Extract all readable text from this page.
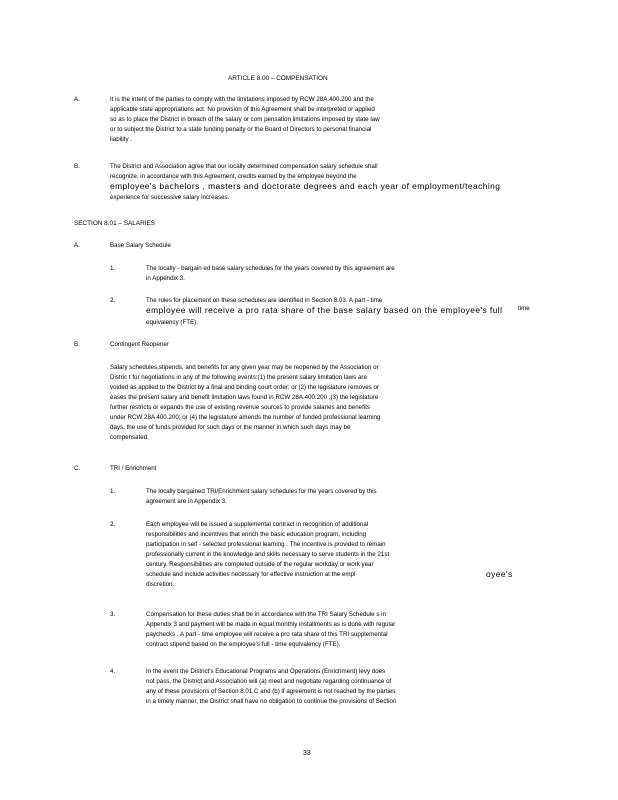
ARTICLE 8.00 – COMPENSATION
A.	It is the intent of the parties to comply with the limitations imposed by RCW 28A.400.200 and the
applicable state appropriations act. No provision of this Agreement shall be interpreted or applied
so as to place the District in breach of the salary or com pensation limitations imposed by state law
or to subject the District to a state funding penalty or the Board of Directors to personal financial
liability .
B.	The District and Association agree that our locally determined compensation salary schedule shall
recognize, in accordance with this Agreement, credits earned by the employee beyond the
employee's bachelors , masters and doctorate degrees and each year of employment/teaching
experience for successive salary increases.
SECTION 8.01 – SALARIES
A.	Base Salary Schedule
1.	The locally - bargain ed base salary schedules for the years covered by this agreement are
in Appendix 3.
2.	The rules for placement on these schedules are identified in Section 8.03. A part - time
employee will receive a pro rata share of the base salary based on the employee's full	time
equivalency (FTE).
B.	Contingent Reopener
Salary schedules,stipends, and benefits for any given year may be reopened by the Association or
Distric t for negotiations in any of the following events:(1) the present salary limitation laws are
voided as applied to the District by a final and binding court order; or (2) the legislature removes or
eases the present salary and benefit limitation laws found in RCW 28A.400.200 ;(3) the legislature
further restricts or expands the use of existing revenue sources to provide salaries and benefits
under RCW 28A 400.200; or (4) the legislature amends the number of funded professional learning
days, the use of funds provided for such days or the manner in which such days may be
compensated.
C.	TRI / Enrichment
1.	The locally bargained TRI/Enrichment salary schedules for the years covered by this
agreement are in Appendix 3.
2.	Each employee will be issued a supplemental contract in recognition of additional
responsibilities and incentives that enrich the basic education program, including
participation in self - selected professional learning . The incentive is provided to remain
professionally current in the knowledge and skills necessary to serve students in the 21st
century. Responsibilities are completed outside of the regular workday or work year
schedule and include activities necessary for effective instruction at the empl	oyee's
discretion.
3.	Compensation for these duties shall be in accordance with the TRI Salary Schedule s in
Appendix 3 and payment will be made in equal monthly installments as is done with regular
paychecks . A part - time employee will receive a pro rata share of this TRI supplemental
contract stipend based on the employee's full - time equivalency (FTE).
4.	In the event the District's Educational Programs and Operations (Enrichment) levy does
not pass, the District and Association will (a) meet and negotiate regarding continuance of
any of these provisions of Section 8.01.C and (b) if agreement is not reached by the parties
in a timely manner, the District shall have no obligation to continue the provisions of Section
33
